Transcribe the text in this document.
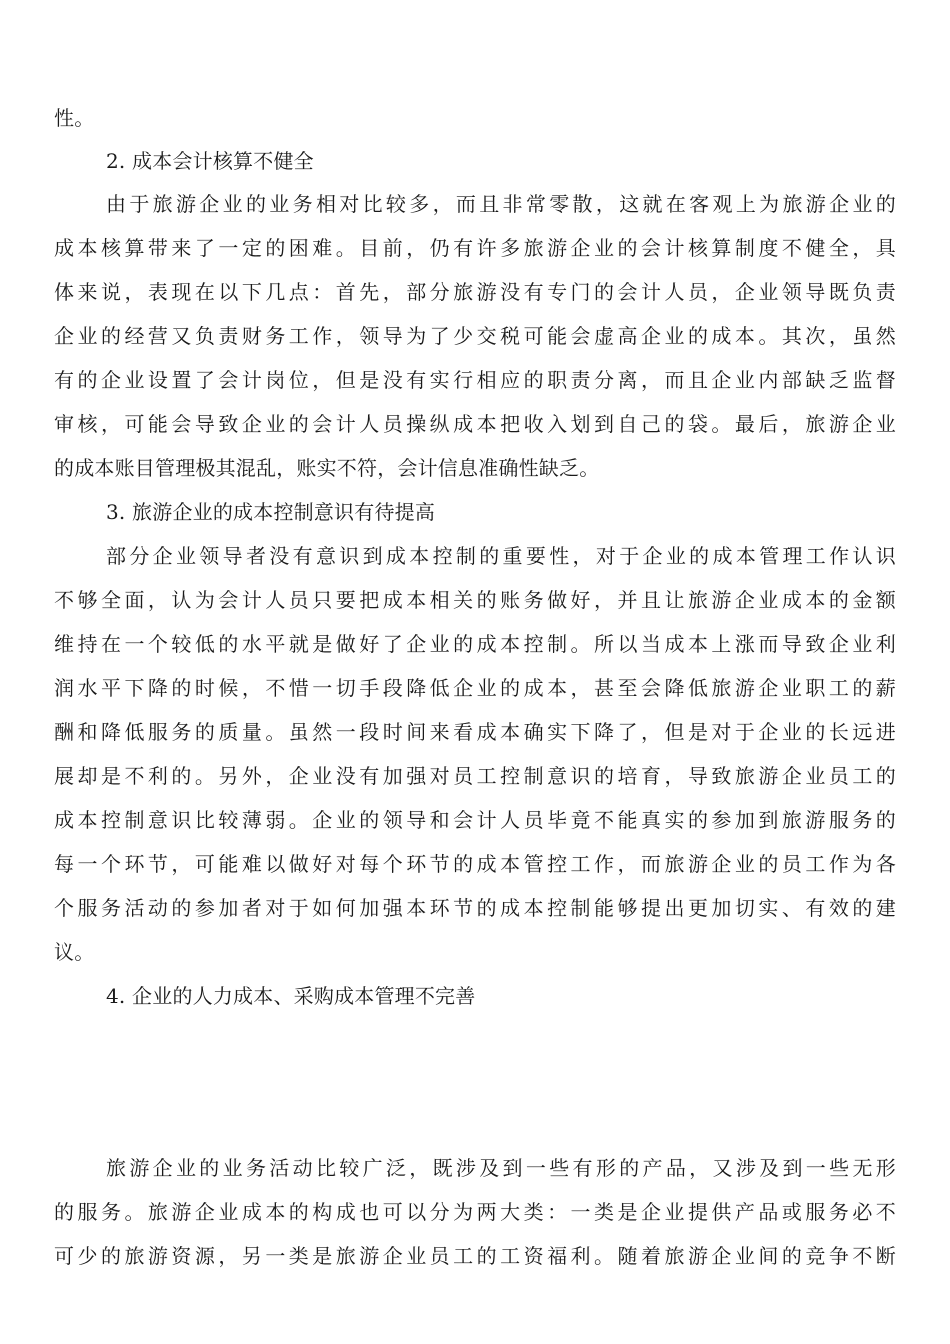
性。
2. 成本会计核算不健全
由于旅游企业的业务相对比较多，而且非常零散，这就在客观上为旅游企业的
成本核算带来了一定的困难。目前，仍有许多旅游企业的会计核算制度不健全，具
体来说，表现在以下几点：首先，部分旅游没有专门的会计人员，企业领导既负责
企业的经营又负责财务工作，领导为了少交税可能会虚高企业的成本。其次，虽然
有的企业设置了会计岗位，但是没有实行相应的职责分离，而且企业内部缺乏监督
审核，可能会导致企业的会计人员操纵成本把收入划到自己的袋。最后，旅游企业
的成本账目管理极其混乱，账实不符，会计信息准确性缺乏。
3. 旅游企业的成本控制意识有待提高
部分企业领导者没有意识到成本控制的重要性，对于企业的成本管理工作认识
不够全面，认为会计人员只要把成本相关的账务做好，并且让旅游企业成本的金额
维持在一个较低的水平就是做好了企业的成本控制。所以当成本上涨而导致企业利
润水平下降的时候，不惜一切手段降低企业的成本，甚至会降低旅游企业职工的薪
酬和降低服务的质量。虽然一段时间来看成本确实下降了，但是对于企业的长远进
展却是不利的。另外，企业没有加强对员工控制意识的培育，导致旅游企业员工的
成本控制意识比较薄弱。企业的领导和会计人员毕竟不能真实的参加到旅游服务的
每一个环节，可能难以做好对每个环节的成本管控工作，而旅游企业的员工作为各
个服务活动的参加者对于如何加强本环节的成本控制能够提出更加切实、有效的建
议。
4. 企业的人力成本、采购成本管理不完善
旅游企业的业务活动比较广泛，既涉及到一些有形的产品，又涉及到一些无形
的服务。旅游企业成本的构成也可以分为两大类：一类是企业提供产品或服务必不
可少的旅游资源，另一类是旅游企业员工的工资福利。随着旅游企业间的竞争不断
